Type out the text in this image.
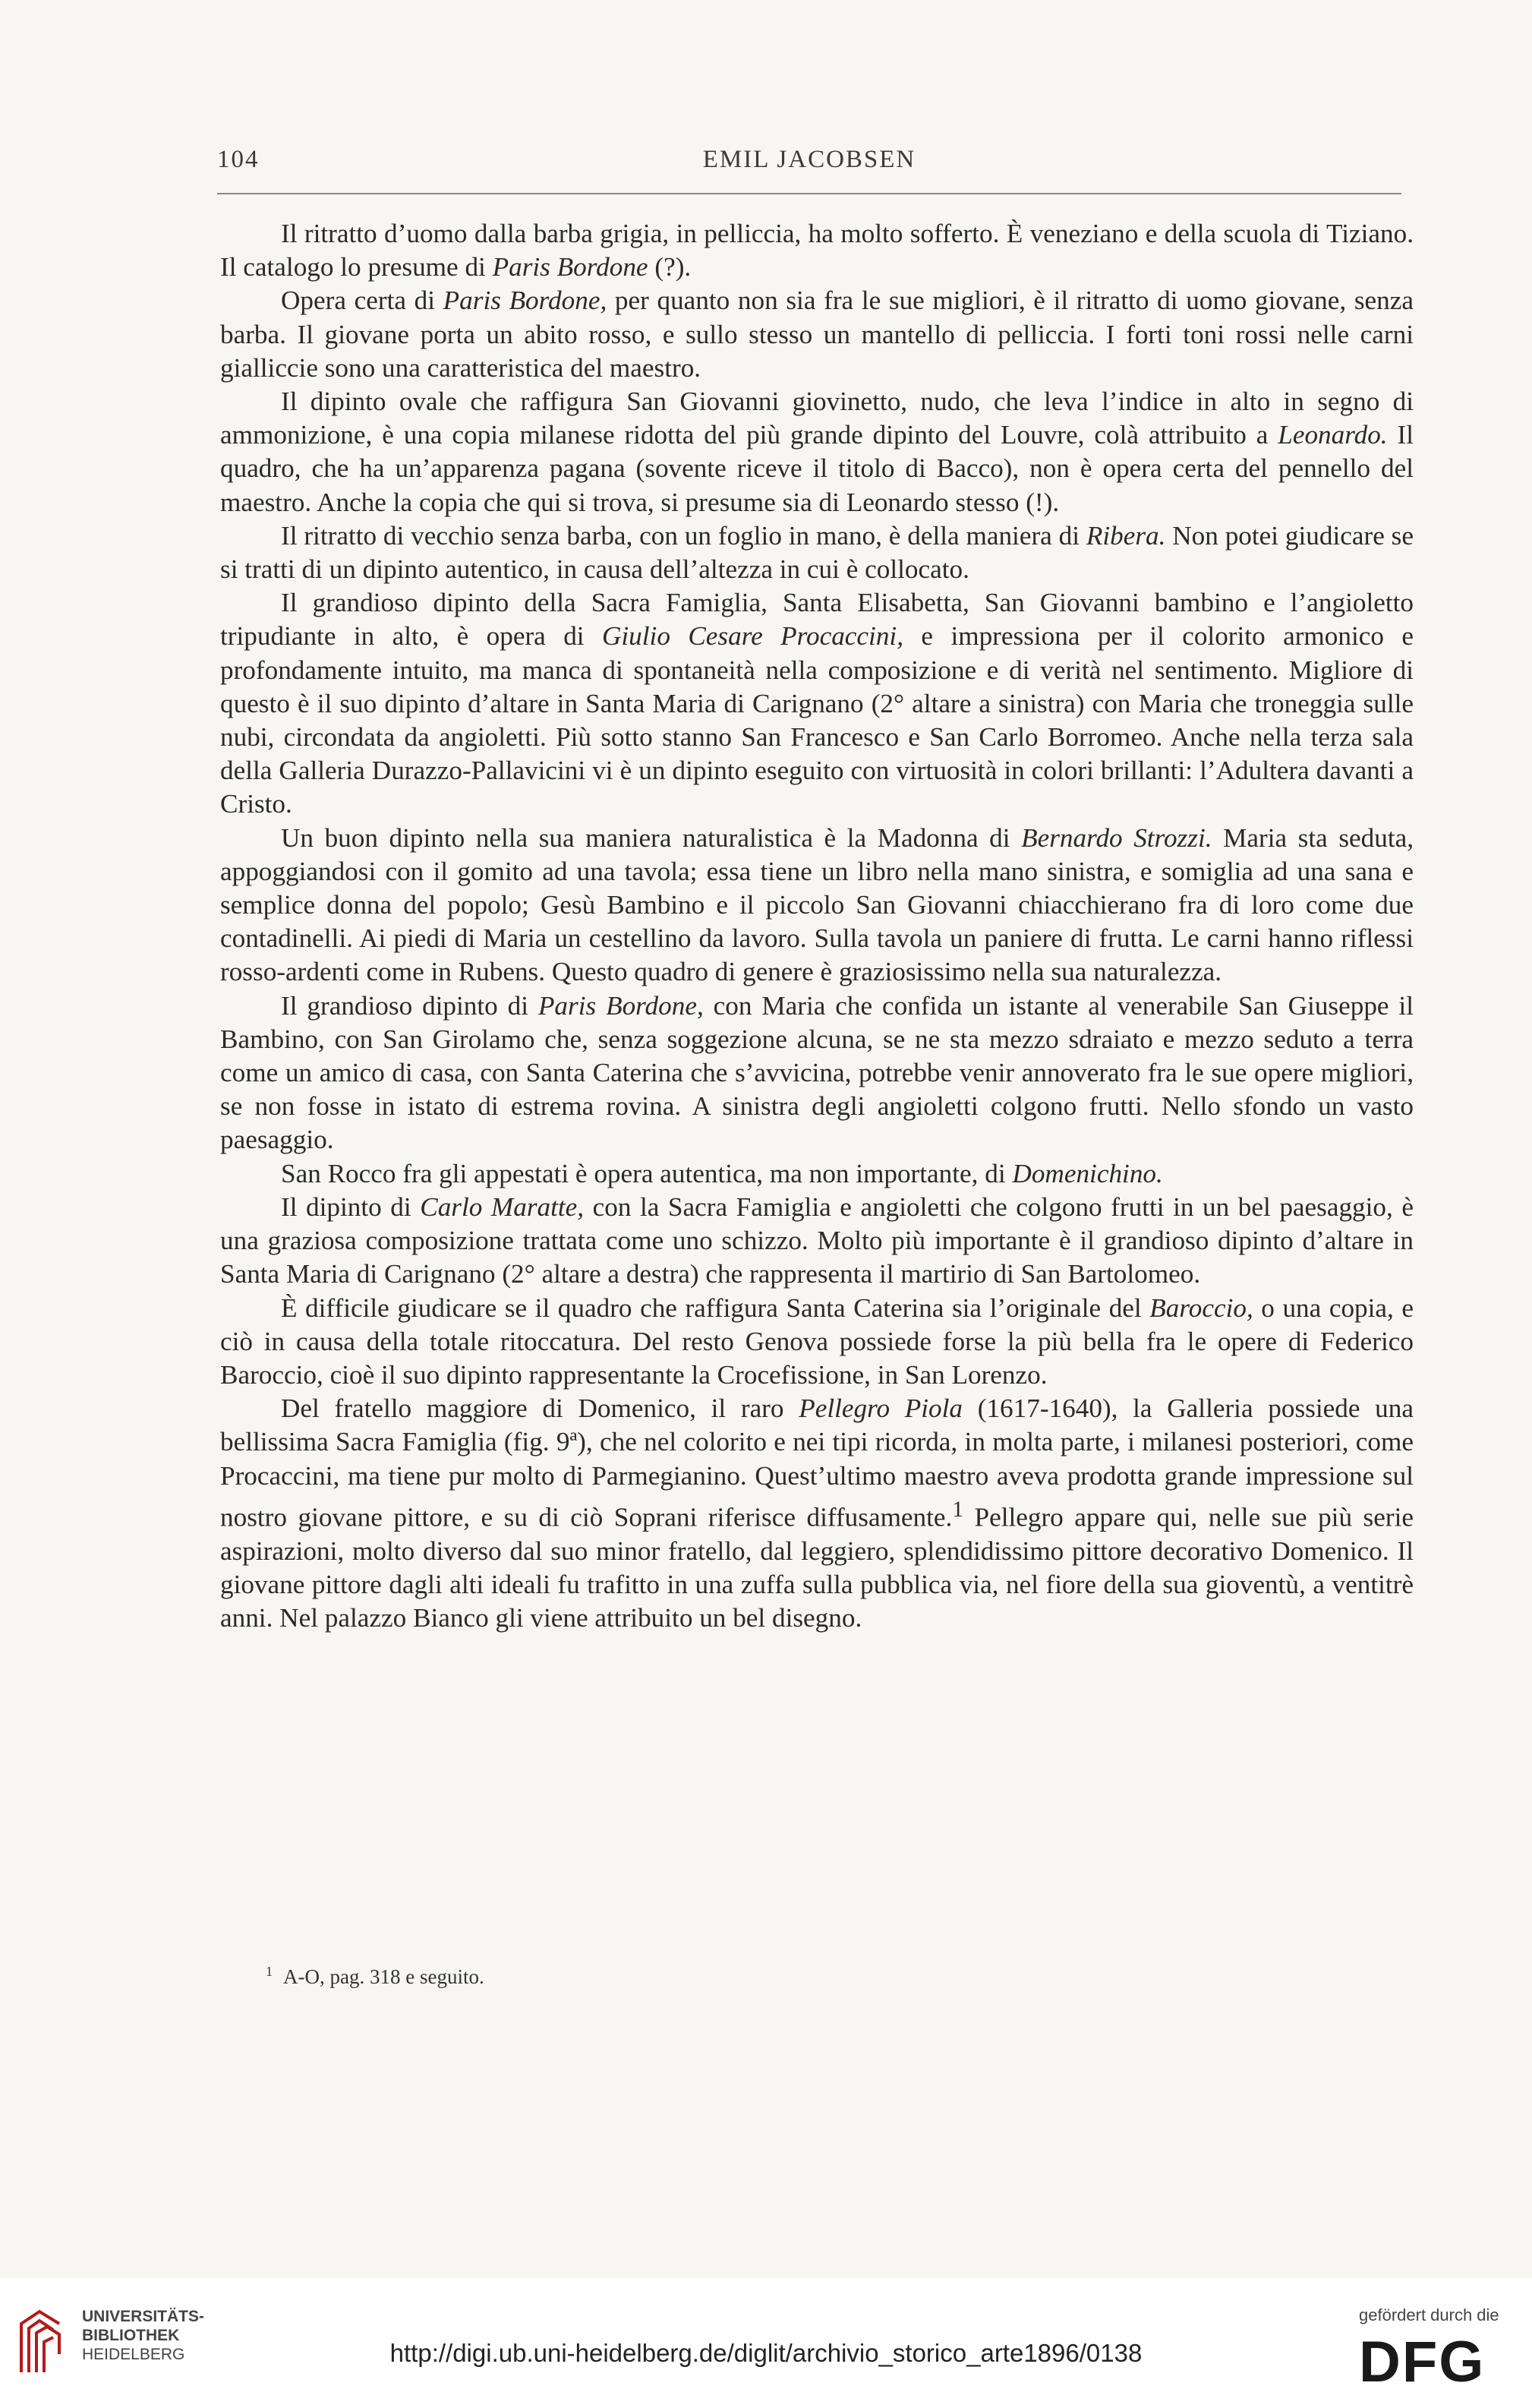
104	EMIL JACOBSEN

Il ritratto d’uomo dalla barba grigia, in pelliccia, ha molto sofferto. È veneziano e della scuola di Tiziano. Il catalogo lo presume di Paris Bordone (?).

Opera certa di Paris Bordone, per quanto non sia fra le sue migliori, è il ritratto di uomo giovane, senza barba. Il giovane porta un abito rosso, e sullo stesso un mantello di pelliccia. I forti toni rossi nelle carni gialliccie sono una caratteristica del maestro.

Il dipinto ovale che raffigura San Giovanni giovinetto, nudo, che leva l’indice in alto in segno di ammonizione, è una copia milanese ridotta del più grande dipinto del Louvre, colà attribuito a Leonardo. Il quadro, che ha un’apparenza pagana (sovente riceve il titolo di Bacco), non è opera certa del pennello del maestro. Anche la copia che qui si trova, si presume sia di Leonardo stesso (!).

Il ritratto di vecchio senza barba, con un foglio in mano, è della maniera di Ribera. Non potei giudicare se si tratti di un dipinto autentico, in causa dell’altezza in cui è collocato.

Il grandioso dipinto della Sacra Famiglia, Santa Elisabetta, San Giovanni bambino e l’angioletto tripudiante in alto, è opera di Giulio Cesare Procaccini, e impressiona per il colorito armonico e profondamente intuito, ma manca di spontaneità nella composizione e di verità nel sentimento. Migliore di questo è il suo dipinto d’altare in Santa Maria di Carignano (2° altare a sinistra) con Maria che troneggia sulle nubi, circondata da angioletti. Più sotto stanno San Francesco e San Carlo Borromeo. Anche nella terza sala della Galleria Durazzo-Pallavicini vi è un dipinto eseguito con virtuosità in colori brillanti: l’Adultera davanti a Cristo.

Un buon dipinto nella sua maniera naturalistica è la Madonna di Bernardo Strozzi. Maria sta seduta, appoggiandosi con il gomito ad una tavola; essa tiene un libro nella mano sinistra, e somiglia ad una sana e semplice donna del popolo; Gesù Bambino e il piccolo San Giovanni chiacchierano fra di loro come due contadinelli. Ai piedi di Maria un cestellino da lavoro. Sulla tavola un paniere di frutta. Le carni hanno riflessi rosso-ardenti come in Rubens. Questo quadro di genere è graziosissimo nella sua naturalezza.

Il grandioso dipinto di Paris Bordone, con Maria che confida un istante al venerabile San Giuseppe il Bambino, con San Girolamo che, senza soggezione alcuna, se ne sta mezzo sdraiato e mezzo seduto a terra come un amico di casa, con Santa Caterina che s’avvicina, potrebbe venir annoverato fra le sue opere migliori, se non fosse in istato di estrema rovina. A sinistra degli angioletti colgono frutti. Nello sfondo un vasto paesaggio.

San Rocco fra gli appestati è opera autentica, ma non importante, di Domenichino.

Il dipinto di Carlo Maratte, con la Sacra Famiglia e angioletti che colgono frutti in un bel paesaggio, è una graziosa composizione trattata come uno schizzo. Molto più importante è il grandioso dipinto d’altare in Santa Maria di Carignano (2° altare a destra) che rappresenta il martirio di San Bartolomeo.

È difficile giudicare se il quadro che raffigura Santa Caterina sia l’originale del Baroccio, o una copia, e ciò in causa della totale ritoccatura. Del resto Genova possiede forse la più bella fra le opere di Federico Baroccio, cioè il suo dipinto rappresentante la Crocefissione, in San Lorenzo.

Del fratello maggiore di Domenico, il raro Pellegro Piola (1617-1640), la Galleria possiede una bellissima Sacra Famiglia (fig. 9ª), che nel colorito e nei tipi ricorda, in molta parte, i milanesi posteriori, come Procaccini, ma tiene pur molto di Parmegianino. Quest’ultimo maestro aveva prodotta grande impressione sul nostro giovane pittore, e su di ciò Soprani riferisce diffusamente.$^1$ Pellegro appare qui, nelle sue più serie aspirazioni, molto diverso dal suo minor fratello, dal leggiero, splendidissimo pittore decorativo Domenico. Il giovane pittore dagli alti ideali fu trafitto in una zuffa sulla pubblica via, nel fiore della sua gioventù, a ventitrè anni. Nel palazzo Bianco gli viene attribuito un bel disegno.

$^1$ A-O, pag. 318 e seguito.
UNIVERSITÄTS-
BIBLIOTHEK
HEIDELBERG	http://digi.ub.uni-heidelberg.de/diglit/archivio_storico_arte1896/0138
gefördert durch die
DFG
